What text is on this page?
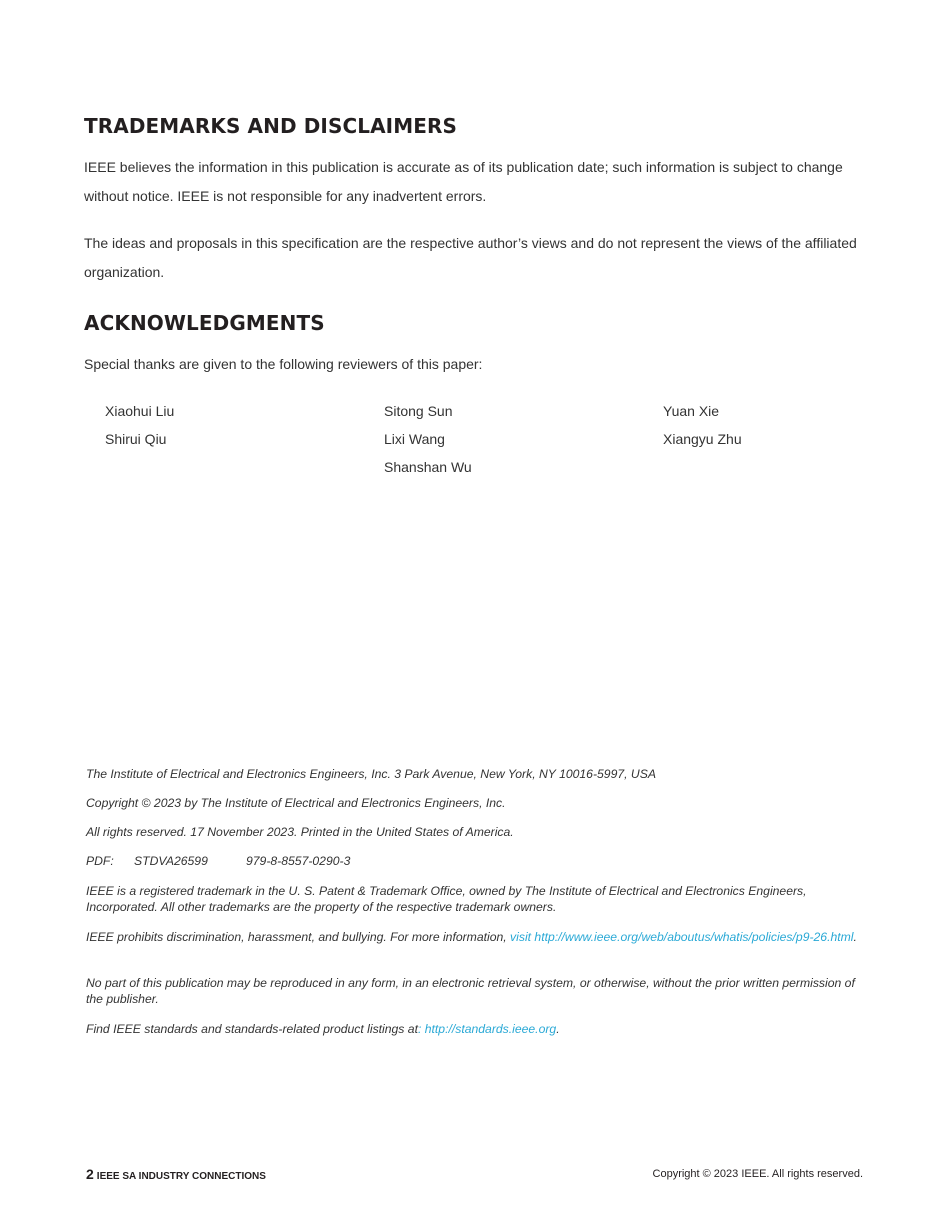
TRADEMARKS AND DISCLAIMERS

IEEE believes the information in this publication is accurate as of its publication date; such information is subject to change without notice. IEEE is not responsible for any inadvertent errors.

The ideas and proposals in this specification are the respective author’s views and do not represent the views of the affiliated organization.

ACKNOWLEDGMENTS

Special thanks are given to the following reviewers of this paper:

Xiaohui Liu

Shirui Qiu

Sitong Sun

Lixi Wang

Shanshan Wu

Yuan Xie

Xiangyu Zhu

The Institute of Electrical and Electronics Engineers, Inc. 3 Park Avenue, New York, NY 10016-5997, USA

Copyright © 2023 by The Institute of Electrical and Electronics Engineers, Inc.

All rights reserved. 17 November 2023. Printed in the United States of America.

PDF: STDVA26599	979-8-8557-0290-3

IEEE is a registered trademark in the U. S. Patent & Trademark Office, owned by The Institute of Electrical and Electronics Engineers, Incorporated. All other trademarks are the property of the respective trademark owners.

IEEE prohibits discrimination, harassment, and bullying. For more information, visit http://www.ieee.org/web/aboutus/whatis/policies/p9-26.html.

No part of this publication may be reproduced in any form, in an electronic retrieval system, or otherwise, without the prior written permission of the publisher.

Find IEEE standards and standards-related product listings at: http://standards.ieee.org.

2 IEEE SA INDUSTRY CONNECTIONS	Copyright © 2023 IEEE. All rights reserved.
